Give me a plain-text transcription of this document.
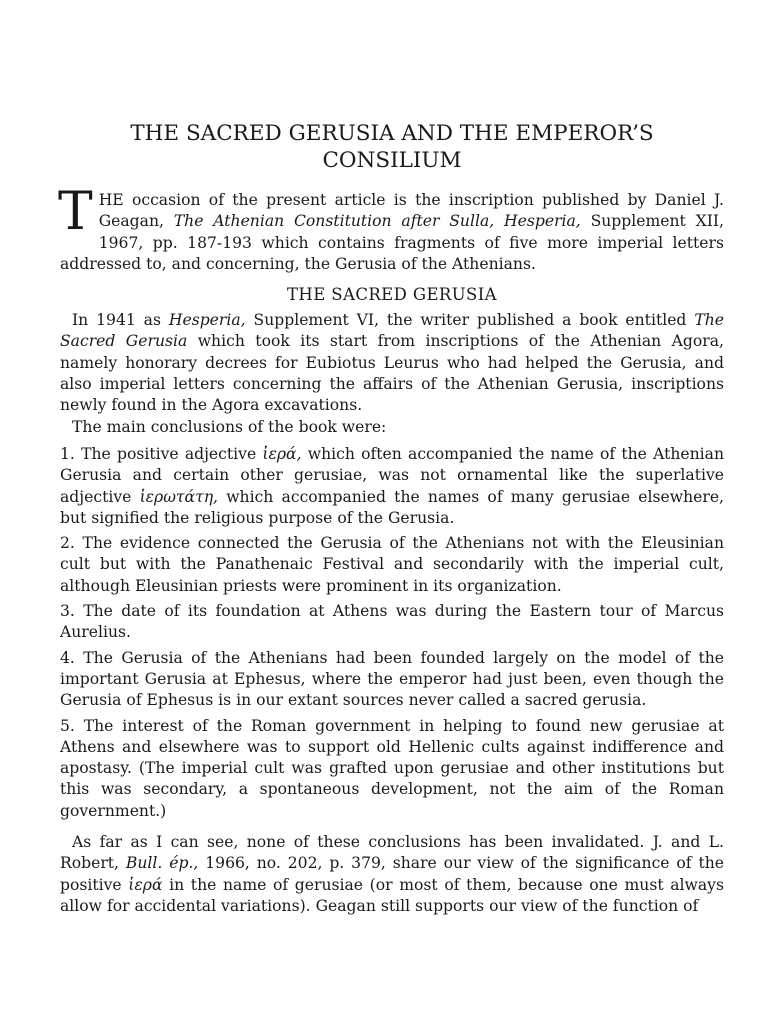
THE SACRED GERUSIA AND THE EMPEROR’S
CONSILIUM

THE occasion of the present article is the inscription published by Daniel J. Geagan, The Athenian Constitution after Sulla, Hesperia, Supplement XII, 1967, pp. 187-193 which contains fragments of five more imperial letters addressed to, and concerning, the Gerusia of the Athenians.

THE SACRED GERUSIA

In 1941 as Hesperia, Supplement VI, the writer published a book entitled The Sacred Gerusia which took its start from inscriptions of the Athenian Agora, namely honorary decrees for Eubiotus Leurus who had helped the Gerusia, and also imperial letters concerning the affairs of the Athenian Gerusia, inscriptions newly found in the Agora excavations.

The main conclusions of the book were:

1. The positive adjective ἱερά, which often accompanied the name of the Athenian Gerusia and certain other gerusiae, was not ornamental like the superlative adjective ἱερωτάτη, which accompanied the names of many gerusiae elsewhere, but signified the religious purpose of the Gerusia.

2. The evidence connected the Gerusia of the Athenians not with the Eleusinian cult but with the Panathenaic Festival and secondarily with the imperial cult, although Eleusinian priests were prominent in its organization.

3. The date of its foundation at Athens was during the Eastern tour of Marcus Aurelius.

4. The Gerusia of the Athenians had been founded largely on the model of the important Gerusia at Ephesus, where the emperor had just been, even though the Gerusia of Ephesus is in our extant sources never called a sacred gerusia.

5. The interest of the Roman government in helping to found new gerusiae at Athens and elsewhere was to support old Hellenic cults against indifference and apostasy. (The imperial cult was grafted upon gerusiae and other institutions but this was secondary, a spontaneous development, not the aim of the Roman government.)

As far as I can see, none of these conclusions has been invalidated. J. and L. Robert, Bull. ép., 1966, no. 202, p. 379, share our view of the significance of the positive ἱερά in the name of gerusiae (or most of them, because one must always allow for accidental variations). Geagan still supports our view of the function of
